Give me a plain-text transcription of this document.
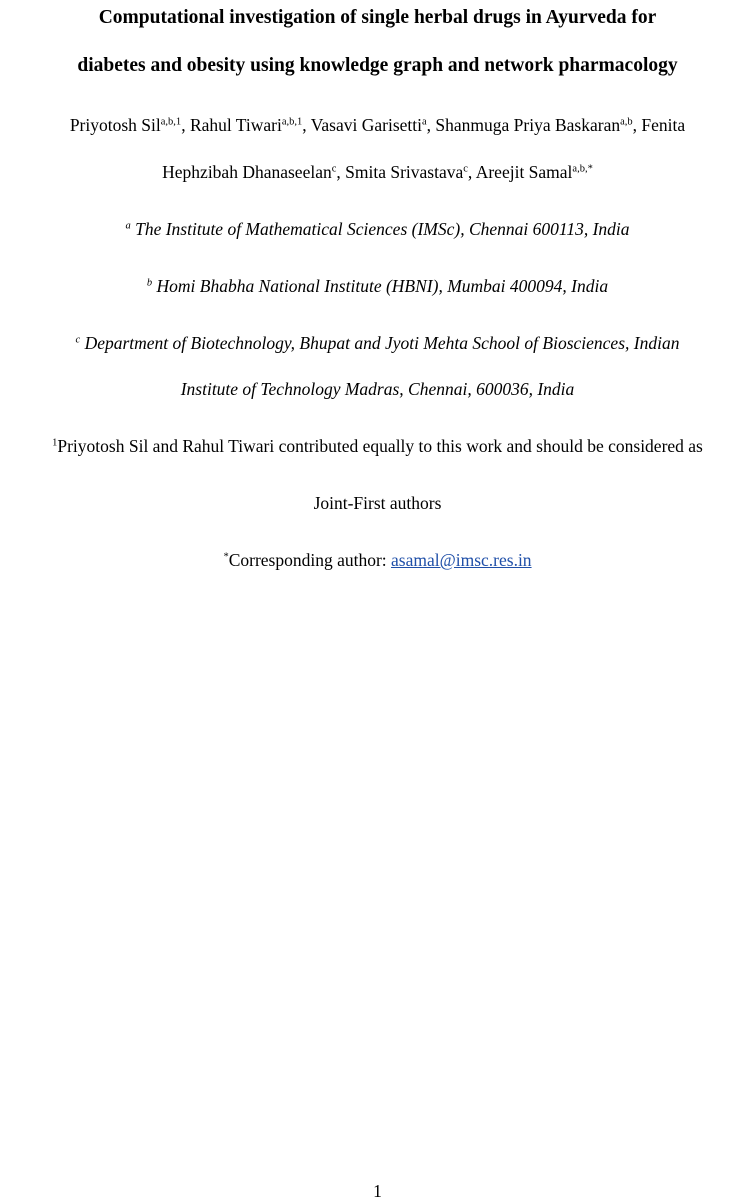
Computational investigation of single herbal drugs in Ayurveda for
diabetes and obesity using knowledge graph and network pharmacology
Priyotosh Sil$^{a,b,1}$, Rahul Tiwari$^{a,b,1}$, Vasavi Garisetti$^a$, Shanmuga Priya Baskaran$^{a,b}$, Fenita
Hephzibah Dhanaseelan$^c$, Smita Srivastava$^c$, Areejit Samal$^{a,b,*}$
$^a$ The Institute of Mathematical Sciences (IMSc), Chennai 600113, India
$^b$ Homi Bhabha National Institute (HBNI), Mumbai 400094, India
$^c$ Department of Biotechnology, Bhupat and Jyoti Mehta School of Biosciences, Indian
Institute of Technology Madras, Chennai, 600036, India
$^1$Priyotosh Sil and Rahul Tiwari contributed equally to this work and should be considered as
Joint-First authors
*Corresponding author: asamal@imsc.res.in
1
